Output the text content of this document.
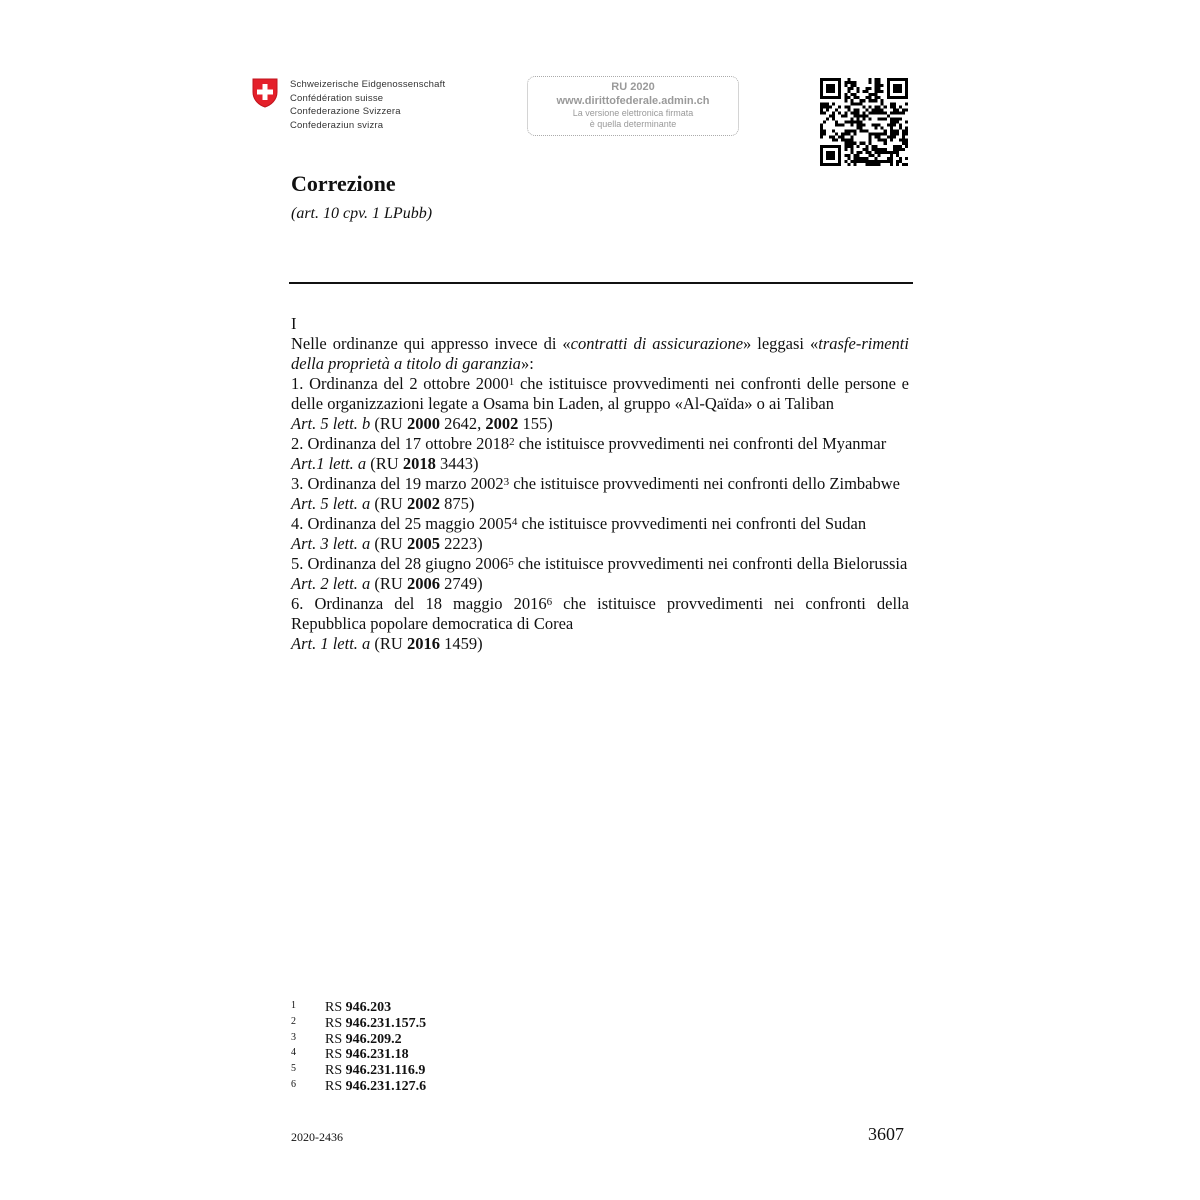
Schweizerische Eidgenossenschaft
Confédération suisse
Confederazione Svizzera
Confederaziun svizra
RU 2020
www.dirittofederale.admin.ch
La versione elettronica firmata
è quella determinante
Correzione
(art. 10 cpv. 1 LPubb)

I

Nelle ordinanze qui appresso invece di «contratti di assicurazione» leggasi «trasfe-rimenti della proprietà a titolo di garanzia»:

1. Ordinanza del 2 ottobre 2000$^1$ che istituisce provvedimenti nei confronti delle persone e delle organizzazioni legate a Osama bin Laden, al gruppo «Al-Qaïda» o ai Taliban

Art. 5 lett. b (RU 2000 2642, 2002 155)

2. Ordinanza del 17 ottobre 2018$^2$ che istituisce provvedimenti nei confronti del Myanmar

Art.1 lett. a (RU 2018 3443)

3. Ordinanza del 19 marzo 2002$^3$ che istituisce provvedimenti nei confronti dello Zimbabwe

Art. 5 lett. a (RU 2002 875)

4. Ordinanza del 25 maggio 2005$^4$ che istituisce provvedimenti nei confronti del Sudan

Art. 3 lett. a (RU 2005 2223)

5. Ordinanza del 28 giugno 2006$^5$ che istituisce provvedimenti nei confronti della Bielorussia

Art. 2 lett. a (RU 2006 2749)

6. Ordinanza del 18 maggio 2016$^6$ che istituisce provvedimenti nei confronti della Repubblica popolare democratica di Corea

Art. 1 lett. a (RU 2016 1459)

1	RS 946.203
2	RS 946.231.157.5
3	RS 946.209.2
4	RS 946.231.18
5	RS 946.231.116.9
6	RS 946.231.127.6
2020-2436	3607
